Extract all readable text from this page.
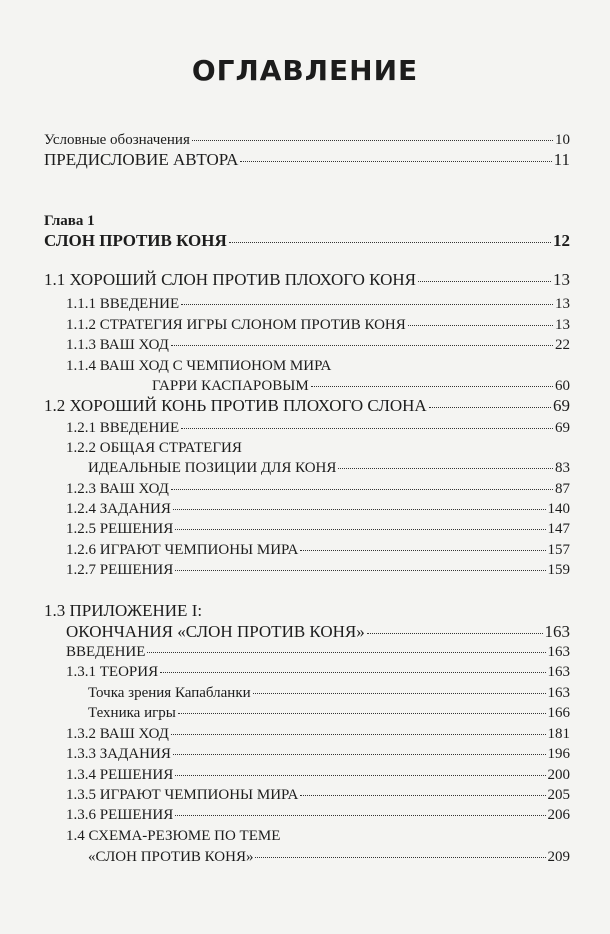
ОГЛАВЛЕНИЕ
Условные обозначения	10
ПРЕДИСЛОВИЕ АВТОРА	11
Глава 1
СЛОН ПРОТИВ КОНЯ	12
1.1 ХОРОШИЙ СЛОН ПРОТИВ ПЛОХОГО КОНЯ	13
1.1.1 ВВЕДЕНИЕ	13
1.1.2 СТРАТЕГИЯ ИГРЫ СЛОНОМ ПРОТИВ КОНЯ	13
1.1.3 ВАШ ХОД	22
1.1.4 ВАШ ХОД С ЧЕМПИОНОМ МИРА
ГАРРИ КАСПАРОВЫМ	60
1.2 ХОРОШИЙ КОНЬ ПРОТИВ ПЛОХОГО СЛОНА	69
1.2.1 ВВЕДЕНИЕ	69
1.2.2 ОБЩАЯ СТРАТЕГИЯ
ИДЕАЛЬНЫЕ ПОЗИЦИИ ДЛЯ КОНЯ	83
1.2.3 ВАШ ХОД	87
1.2.4 ЗАДАНИЯ	140
1.2.5 РЕШЕНИЯ	147
1.2.6 ИГРАЮТ ЧЕМПИОНЫ МИРА	157
1.2.7 РЕШЕНИЯ	159
1.3 ПРИЛОЖЕНИЕ I:
ОКОНЧАНИЯ «СЛОН ПРОТИВ КОНЯ»	163
ВВЕДЕНИЕ	163
1.3.1 ТЕОРИЯ	163
Точка зрения Капабланки	163
Техника игры	166
1.3.2 ВАШ ХОД	181
1.3.3 ЗАДАНИЯ	196
1.3.4 РЕШЕНИЯ	200
1.3.5 ИГРАЮТ ЧЕМПИОНЫ МИРА	205
1.3.6 РЕШЕНИЯ	206
1.4 СХЕМА-РЕЗЮМЕ ПО ТЕМЕ
«СЛОН ПРОТИВ КОНЯ»	209
